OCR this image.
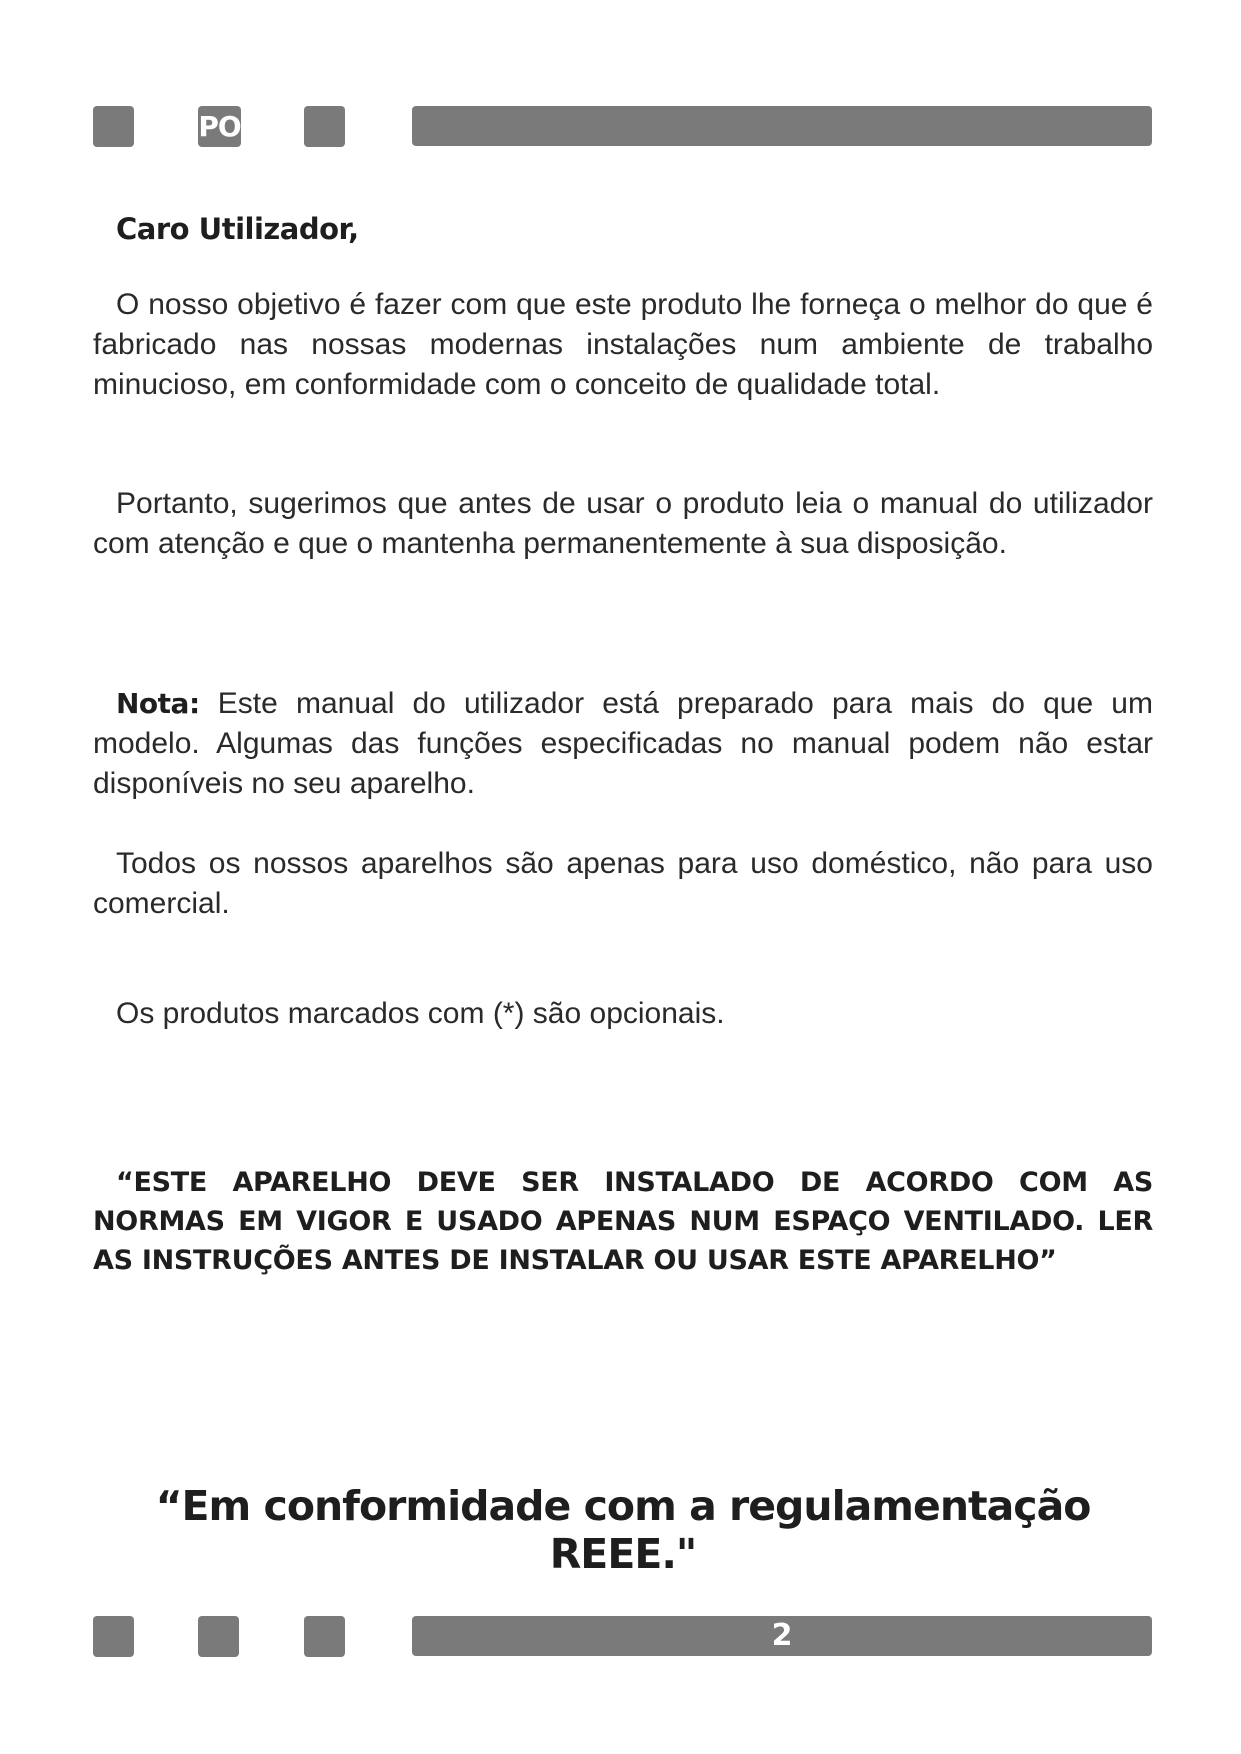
PO

Caro Utilizador,

O nosso objetivo é fazer com que este produto lhe forneça o melhor do que é fabricado nas nossas modernas instalações num ambiente de trabalho minucioso, em conformidade com o conceito de qualidade total.

Portanto, sugerimos que antes de usar o produto leia o manual do utilizador com atenção e que o mantenha permanentemente à sua disposição.

Nota: Este manual do utilizador está preparado para mais do que um modelo. Algumas das funções especificadas no manual podem não estar disponíveis no seu aparelho.

Todos os nossos aparelhos são apenas para uso doméstico, não para uso comercial.

Os produtos marcados com (*) são opcionais.

“ESTE APARELHO DEVE SER INSTALADO DE ACORDO COM AS NORMAS EM VIGOR E USADO APENAS NUM ESPAÇO VENTILADO. LER AS INSTRUÇÕES ANTES DE INSTALAR OU USAR ESTE APARELHO”

“Em conformidade com a regulamentação REEE."

2
